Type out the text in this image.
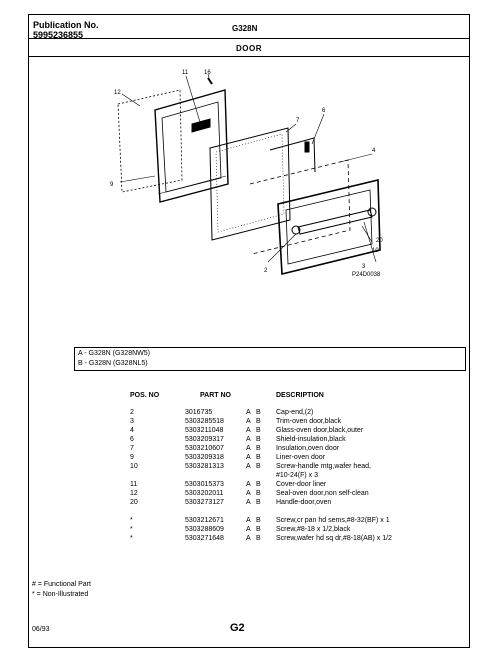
Publication No.
5995236855
G328N
DOOR
11	16
12
7
6
9
4
3
10
2
20
P24D0038
A - G328N (G328NW5)
B - G328N (G328NL5)
POS. NO	PART NO	DESCRIPTION
2	3016735	A B Cap-end,(2)
3	5303285518	A B Trim-oven door,black
4	5303211048	A B Glass-oven door,black,outer
6	5303209317	A B Shield-insulation,black
7	5303210607	A B Insulation,oven door
9	5303209318	A B Liner-oven door
10	5303281313	A B Screw-handle mtg,wafer head,
#10-24(F) x 3
11	5303015373	A B Cover-door liner
12	5303202011	A B Seal-oven door,non self-clean
20	5303273127	A B Handle-door,oven
*	5303212671	A B Screw,cr pan hd sems,#8-32(BF) x 1
*	5303288609	A B Screw,#8-18 x 1/2,black
*	5303271648	A B Screw,wafer hd sq dr,#8-18(AB) x 1/2
# = Functional Part
* = Non-Illustrated
06/93	G2
